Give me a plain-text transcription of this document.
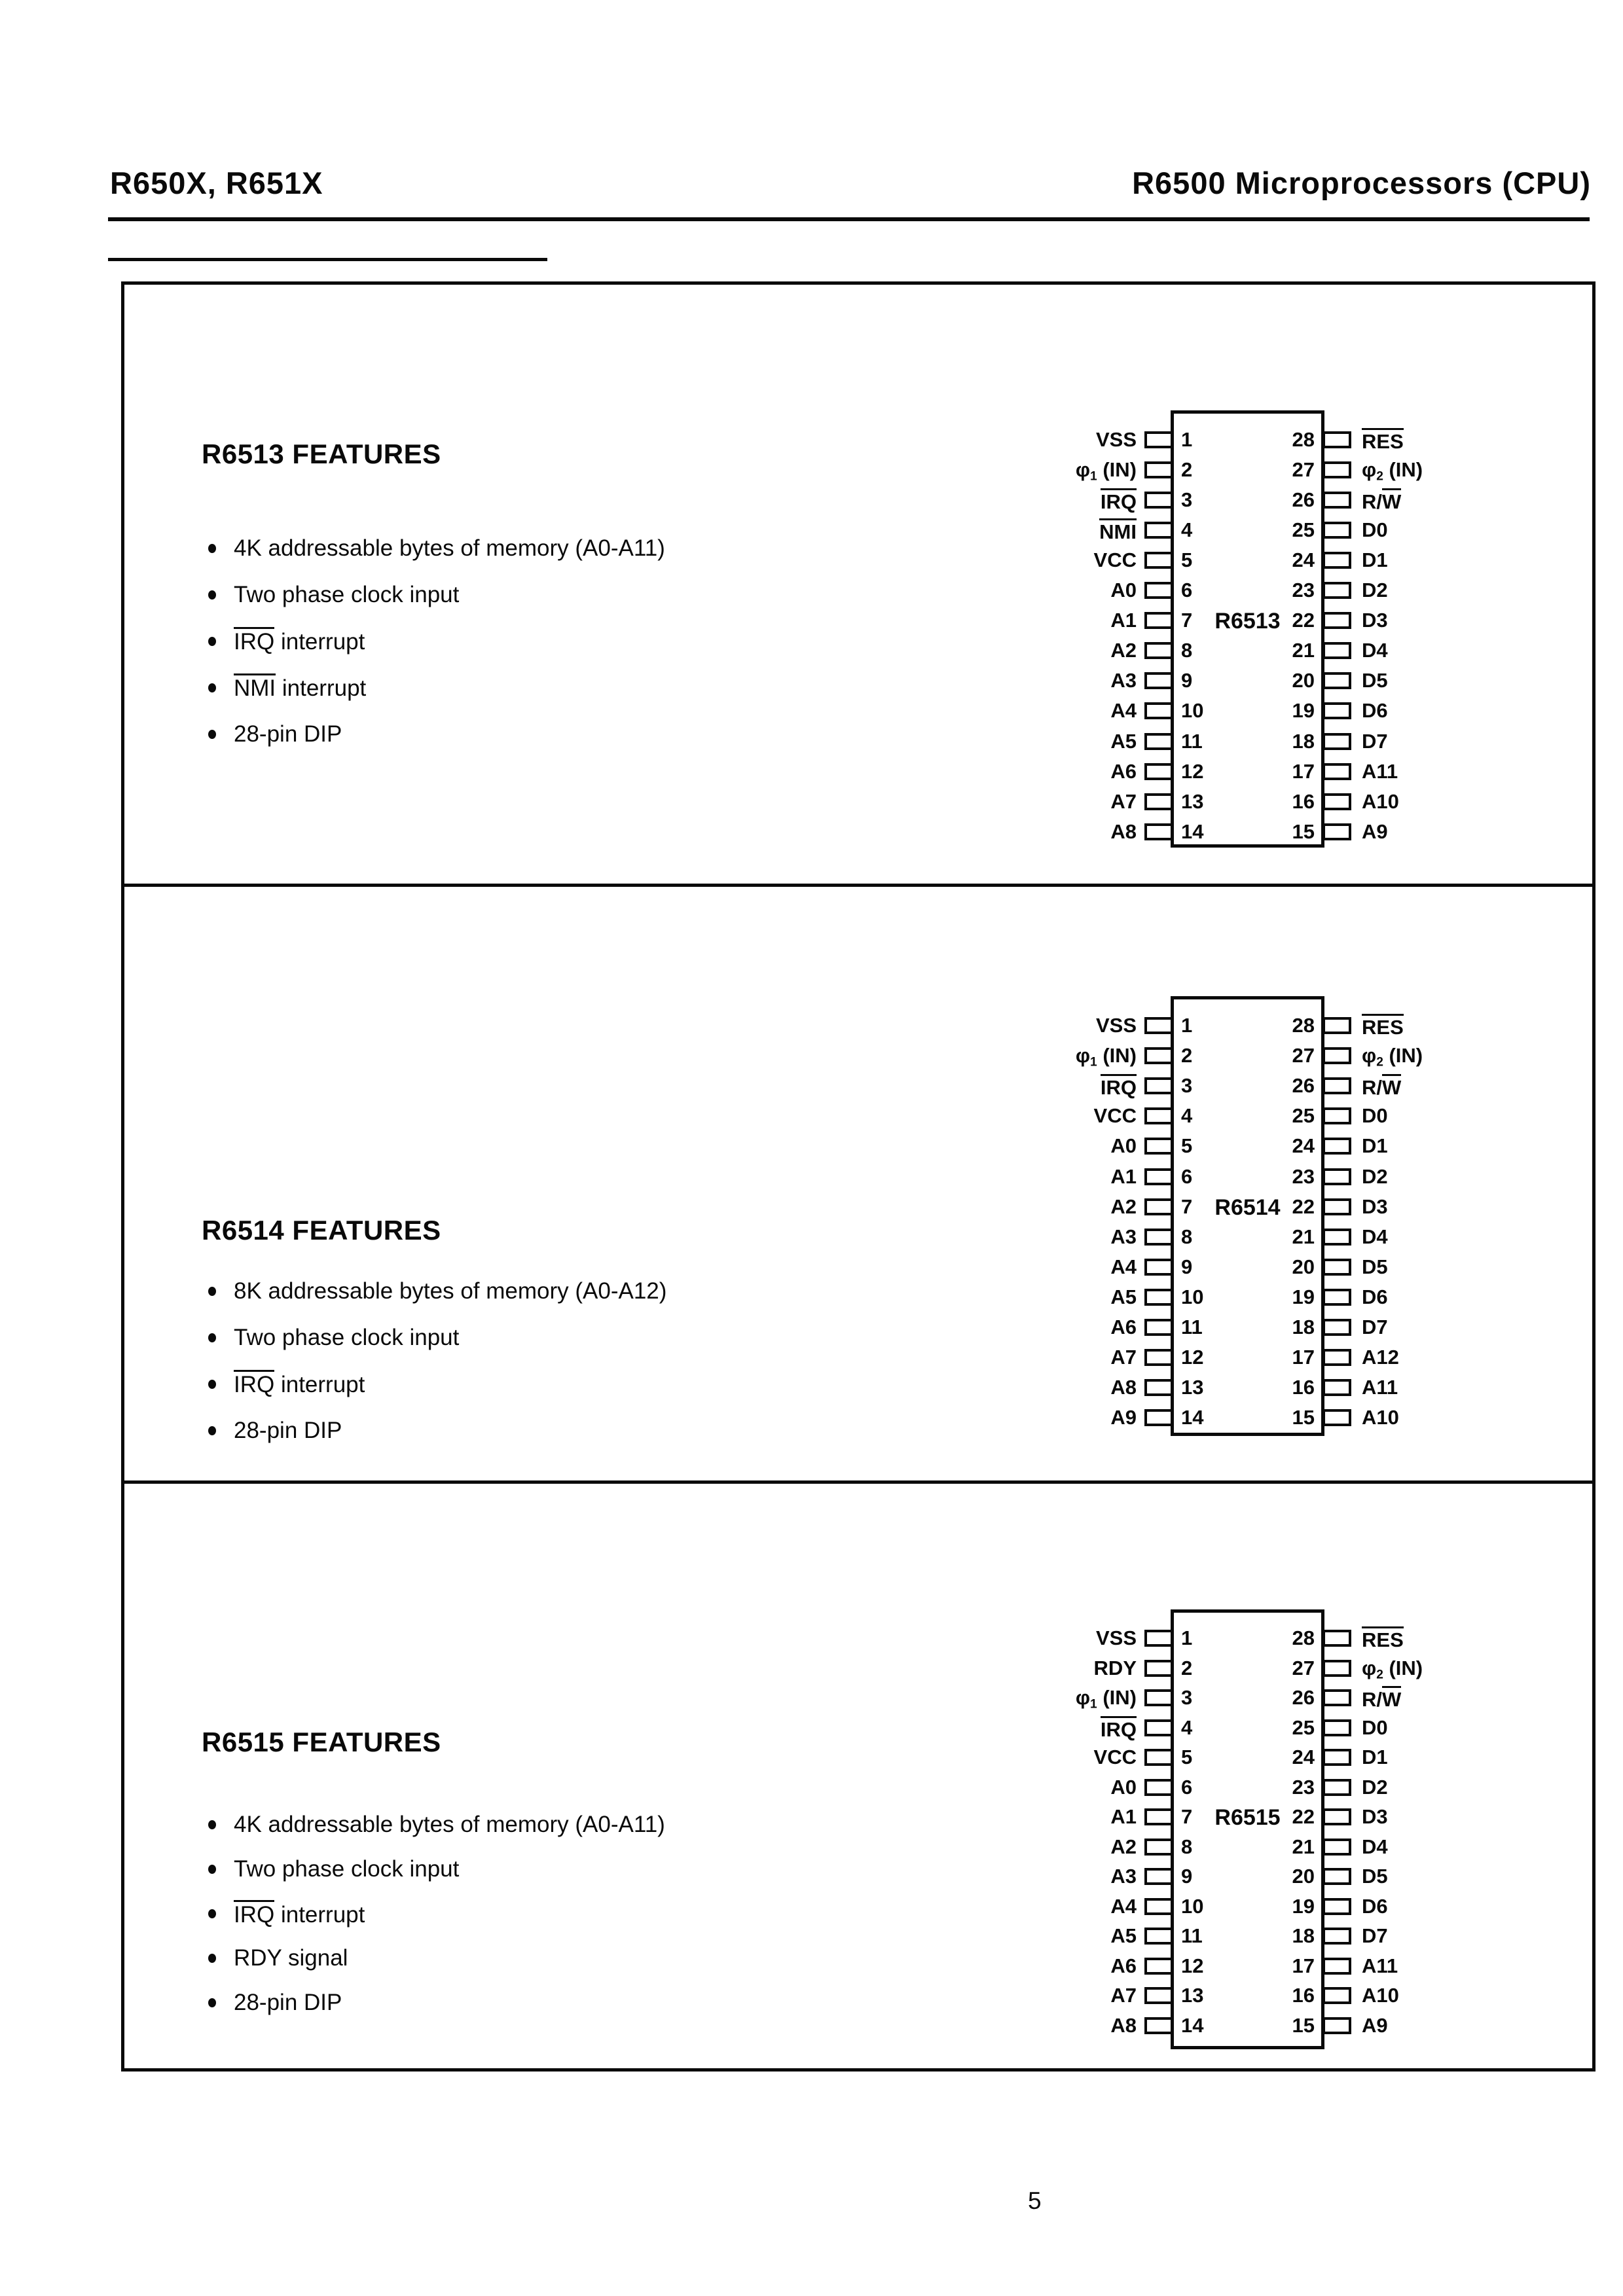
R650X, R651X	R6500 Microprocessors (CPU)
R6513 FEATURES
4K addressable bytes of memory (A0-A11)
Two phase clock input
IRQ interrupt
NMI interrupt
28-pin DIP
R6513
VSS 1	28 RES
$\varphi_1$ (IN) 2	27 $\varphi_2$ (IN)
IRQ 3	26 R/W
NMI 4	25 D0
VCC 5	24 D1
A0 6	23 D2
A1 7	22 D3
A2 8	21 D4
A3 9	20 D5
A4 10	19 D6
A5 11	18 D7
A6 12	17 A11
A7 13	16 A10
A8 14	15 A9
R6514 FEATURES
8K addressable bytes of memory (A0-A12)
Two phase clock input
IRQ interrupt
28-pin DIP
R6514
VSS 1	28 RES
$\varphi_1$ (IN) 2	27 $\varphi_2$ (IN)
IRQ 3	26 R/W
VCC 4	25 D0
A0 5	24 D1
A1 6	23 D2
A2 7	22 D3
A3 8	21 D4
A4 9	20 D5
A5 10	19 D6
A6 11	18 D7
A7 12	17 A12
A8 13	16 A11
A9 14	15 A10
R6515 FEATURES
4K addressable bytes of memory (A0-A11)
Two phase clock input
IRQ interrupt
RDY signal
28-pin DIP
R6515
VSS 1	28 RES
RDY 2	27 $\varphi_2$ (IN)
$\varphi_1$ (IN) 3	26 R/W
IRQ 4	25 D0
VCC 5	24 D1
A0 6	23 D2
A1 7	22 D3
A2 8	21 D4
A3 9	20 D5
A4 10	19 D6
A5 11	18 D7
A6 12	17 A11
A7 13	16 A10
A8 14	15 A9
5
